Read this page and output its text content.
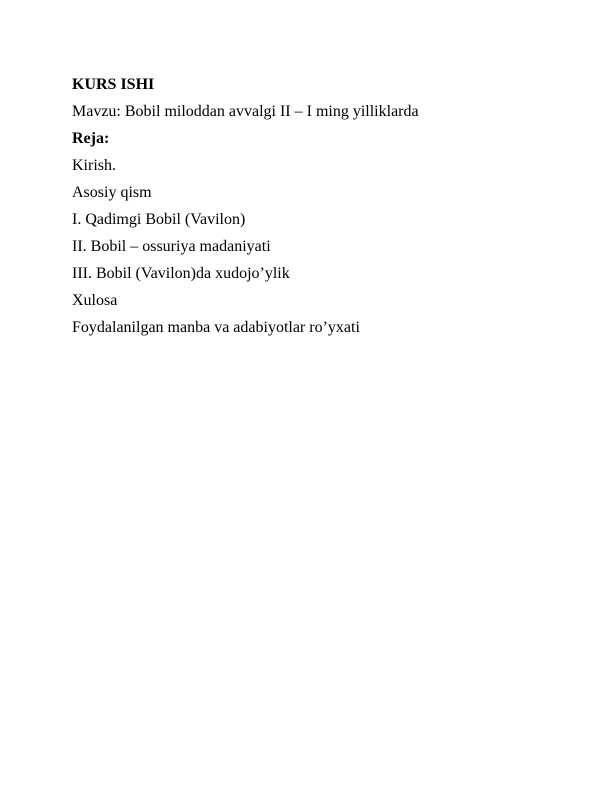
KURS ISHI
Mavzu: Bobil miloddan avvalgi II – I ming yilliklarda
Reja:
Kirish.
Asosiy qism
I. Qadimgi Bobil (Vavilon)
II. Bobil – ossuriya madaniyati
III. Bobil (Vavilon)da xudojo’ylik
Xulosa
Foydalanilgan manba va adabiyotlar ro’yxati
